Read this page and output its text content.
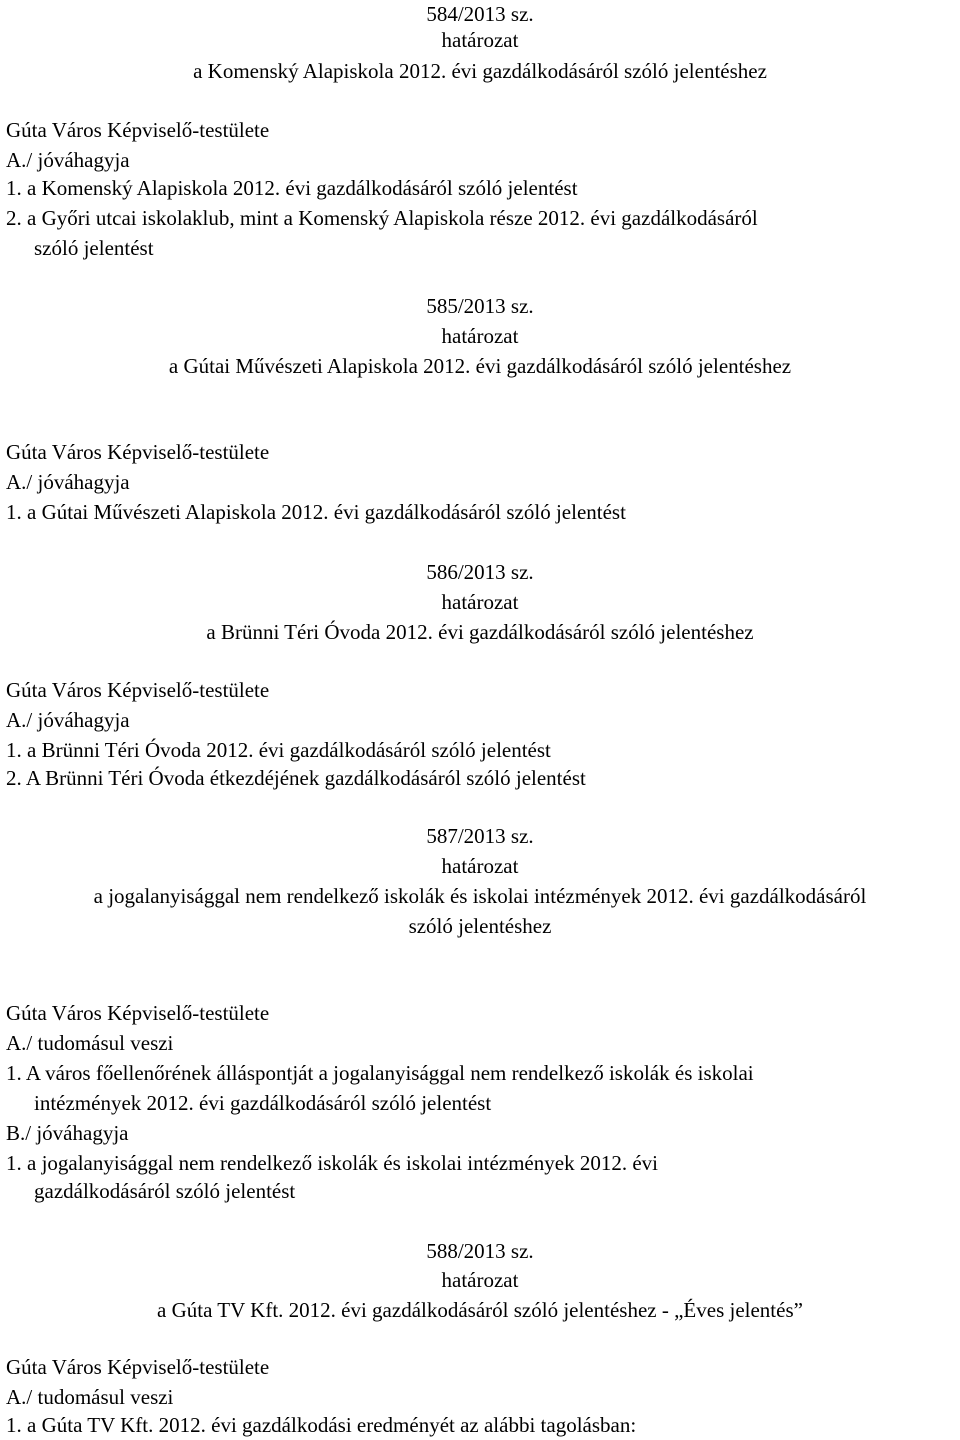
584/2013 sz.
határozat
a Komenský Alapiskola 2012. évi gazdálkodásáról szóló jelentéshez
Gúta Város Képviselő-testülete
A./ jóváhagyja
1. a Komenský Alapiskola 2012. évi gazdálkodásáról szóló jelentést
2. a Győri utcai iskolaklub, mint a Komenský Alapiskola része 2012. évi gazdálkodásáról
szóló jelentést
585/2013 sz.
határozat
a Gútai Művészeti Alapiskola 2012. évi gazdálkodásáról szóló jelentéshez
Gúta Város Képviselő-testülete
A./ jóváhagyja
1. a Gútai Művészeti Alapiskola 2012. évi gazdálkodásáról szóló jelentést
586/2013 sz.
határozat
a Brünni Téri Óvoda 2012. évi gazdálkodásáról szóló jelentéshez
Gúta Város Képviselő-testülete
A./ jóváhagyja
1. a Brünni Téri Óvoda 2012. évi gazdálkodásáról szóló jelentést
2. A Brünni Téri Óvoda étkezdéjének gazdálkodásáról szóló jelentést
587/2013 sz.
határozat
a jogalanyisággal nem rendelkező iskolák és iskolai intézmények 2012. évi gazdálkodásáról
szóló jelentéshez
Gúta Város Képviselő-testülete
A./ tudomásul veszi
1. A város főellenőrének álláspontját a jogalanyisággal nem rendelkező iskolák és iskolai
intézmények 2012. évi gazdálkodásáról szóló jelentést
B./ jóváhagyja
1. a jogalanyisággal nem rendelkező iskolák és iskolai intézmények 2012. évi
gazdálkodásáról szóló jelentést
588/2013 sz.
határozat
a Gúta TV Kft. 2012. évi gazdálkodásáról szóló jelentéshez - „Éves jelentés”
Gúta Város Képviselő-testülete
A./ tudomásul veszi
1. a Gúta TV Kft. 2012. évi gazdálkodási eredményét az alábbi tagolásban:
